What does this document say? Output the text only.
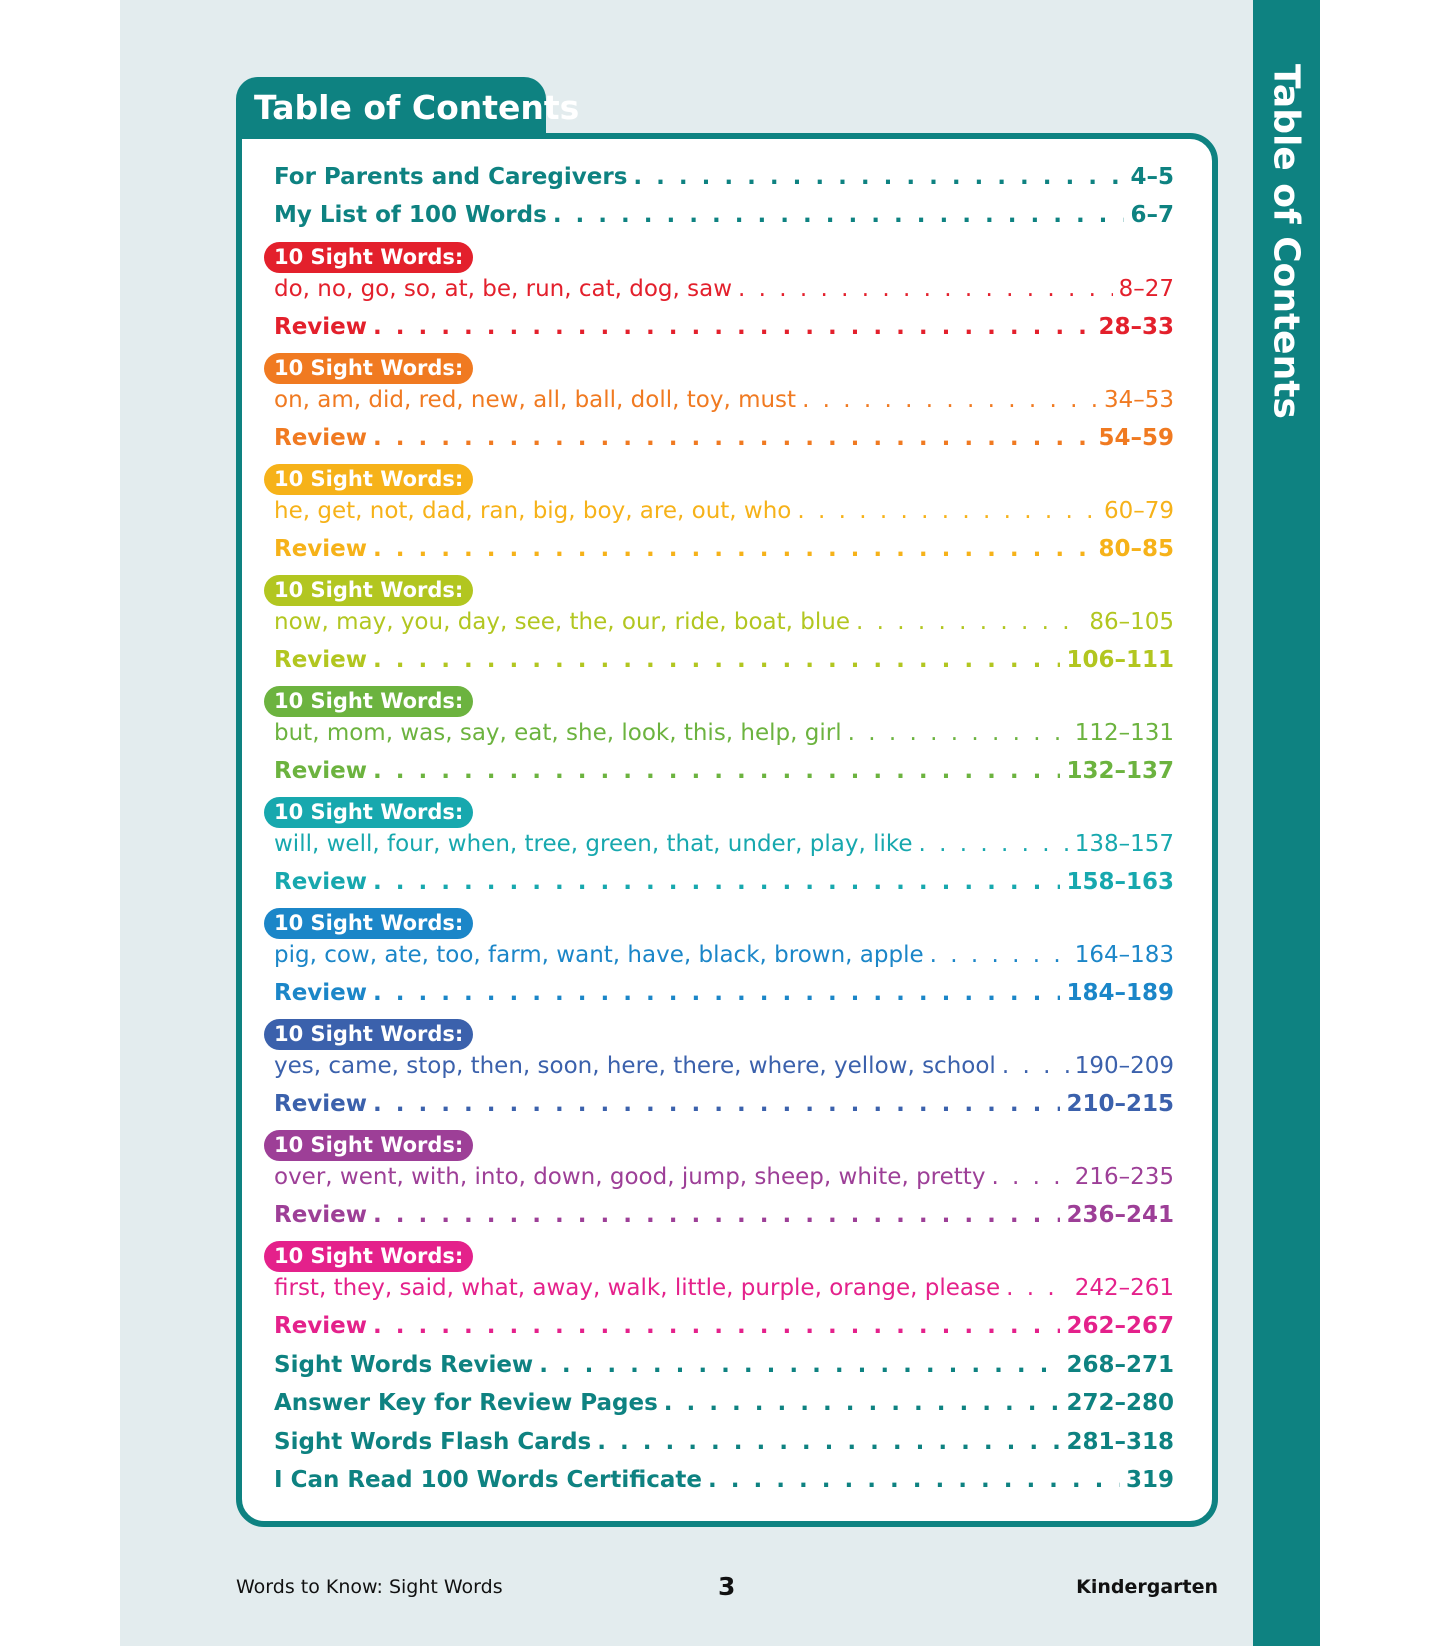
Table of Contents
Table of Contents
For Parents and Caregivers . . .	4–5
My List of 100 Words . . .	6–7
10 Sight Words:
do, no, go, so, at, be, run, cat, dog, saw . . .	8–27
Review . . .	28–33
10 Sight Words:
on, am, did, red, new, all, ball, doll, toy, must . . .	34–53
Review . . .	54–59
10 Sight Words:
he, get, not, dad, ran, big, boy, are, out, who . . .	60–79
Review . . .	80–85
10 Sight Words:
now, may, you, day, see, the, our, ride, boat, blue . . .	86–105
Review . . .	106–111
10 Sight Words:
but, mom, was, say, eat, she, look, this, help, girl . . .	112–131
Review . . .	132–137
10 Sight Words:
will, well, four, when, tree, green, that, under, play, like . . .	138–157
Review . . .	158–163
10 Sight Words:
pig, cow, ate, too, farm, want, have, black, brown, apple . . .	164–183
Review . . .	184–189
10 Sight Words:
yes, came, stop, then, soon, here, there, where, yellow, school . . .	190–209
Review . . .	210–215
10 Sight Words:
over, went, with, into, down, good, jump, sheep, white, pretty . . .	216–235
Review . . .	236–241
10 Sight Words:
first, they, said, what, away, walk, little, purple, orange, please . . .	242–261
Review . . .	262–267
Sight Words Review . . .	268–271
Answer Key for Review Pages . . .	272–280
Sight Words Flash Cards . . .	281–318
I Can Read 100 Words Certificate . . .	319
Words to Know: Sight Words	3	Kindergarten
